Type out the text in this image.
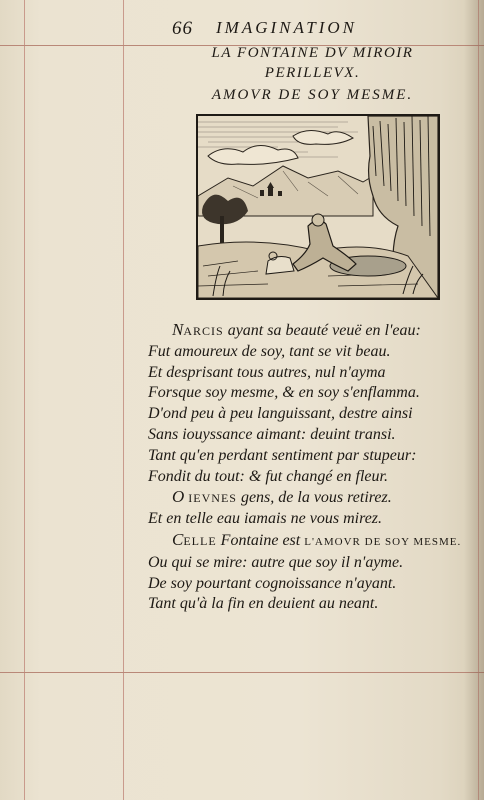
66 IMAGINATION
LA FONTAINE DV MIROIR
PERILLEVX.
AMOVR DE SOY MESME.
NARCIS ayant sa beauté veuë en l'eau:
Fut amoureux de soy, tant se vit beau.
Et desprisant tous autres, nul n'ayma
Forsque soy mesme, & en soy s'enflamma.
D'ond peu à peu languissant, destre ainsi
Sans iouyssance aimant: deuint transi.
Tant qu'en perdant sentiment par stupeur:
Fondit du tout: & fut changé en fleur.
O IEVNES gens, de la vous retirez.
Et en telle eau iamais ne vous mirez.
CELLE Fontaine est L'AMOVR DE SOY MESME.
Ou qui se mire: autre que soy il n'ayme.
De soy pourtant cognoissance n'ayant.
Tant qu'à la fin en deuient au neant.
